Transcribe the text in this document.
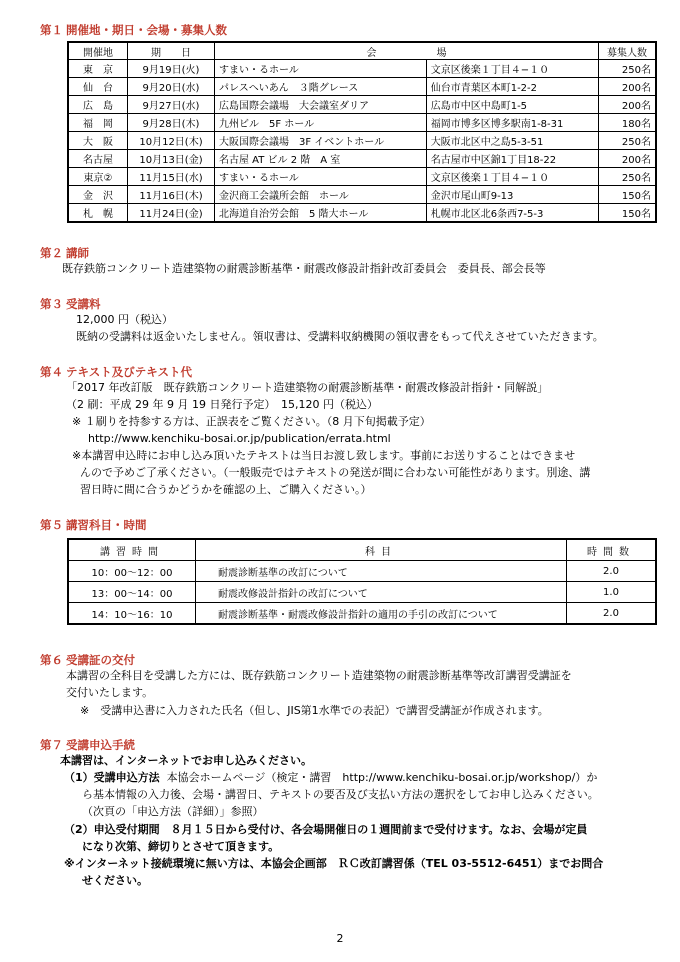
第１ 開催地・期日・会場・募集人数
開催地	期　　日	会　　　　　　場		募集人数
東　京	9月19日(火)	すまい・るホール	文京区後楽１丁目４−１０	250名
仙　台	9月20日(水)	パレスへいあん　３階グレース	仙台市青葉区本町1-2-2	200名
広　島	9月27日(水)	広島国際会議場　大会議室ダリア	広島市中区中島町1-5	200名
福　岡	9月28日(木)	九州ビル　5F ホール	福岡市博多区博多駅南1-8-31	180名
大　阪	10月12日(木)	大阪国際会議場　3F イベントホール	大阪市北区中之島5-3-51	250名
名古屋	10月13日(金)	名古屋 AT ビル 2 階　A 室	名古屋市中区錦1丁目18-22	200名
東京②	11月15日(水)	すまい・るホール	文京区後楽１丁目４−１０	250名
金　沢	11月16日(木)	金沢商工会議所会館　ホール	金沢市尾山町9-13	150名
札　幌	11月24日(金)	北海道自治労会館　5 階大ホール	札幌市北区北6条西7-5-3	150名
第２ 講師
既存鉄筋コンクリート造建築物の耐震診断基準・耐震改修設計指針改訂委員会　委員長、部会長等
第３ 受講料
12,000 円（税込）
既納の受講料は返金いたしません。領収書は、受講料収納機関の領収書をもって代えさせていただきます。
第４ テキスト及びテキスト代
「2017 年改訂版　既存鉄筋コンクリート造建築物の耐震診断基準・耐震改修設計指針・同解説」
（2 刷：平成 29 年 9 月 19 日発行予定）　15,120 円（税込）
※ １刷りを持参する方は、正誤表をご覧ください。（8 月下旬掲載予定）
http://www.kenchiku-bosai.or.jp/publication/errata.html
※本講習申込時にお申し込み頂いたテキストは当日お渡し致します。事前にお送りすることはできませ
んので予めご了承ください。（一般販売ではテキストの発送が間に合わない可能性があります。別途、講
習日時に間に合うかどうかを確認の上、ご購入ください。）
第５ 講習科目・時間
講習時間	科目	時間数
10：00〜12：00	耐震診断基準の改訂について	2.0
13：00〜14：00	耐震改修設計指針の改訂について	1.0
14：10〜16：10	耐震診断基準・耐震改修設計指針の適用の手引の改訂について	2.0
第６ 受講証の交付
本講習の全科目を受講した方には、既存鉄筋コンクリート造建築物の耐震診断基準等改訂講習受講証を
交付いたします。
※　受講申込書に入力された氏名（但し、JIS第1水準での表記）で講習受講証が作成されます。
第７ 受講申込手続
本講習は、インターネットでお申し込みください。
（1）受講申込方法 本協会ホームページ（検定・講習　http://www.kenchiku-bosai.or.jp/workshop/）か
ら基本情報の入力後、会場・講習日、テキストの要否及び支払い方法の選択をしてお申し込みください。
（次頁の「申込方法（詳細）」参照）
（2）申込受付期間　８月１５日から受付け、各会場開催日の１週間前まで受付けます。なお、会場が定員
になり次第、締切りとさせて頂きます。
※インターネット接続環境に無い方は、本協会企画部　ＲＣ改訂講習係（TEL 03-5512-6451）までお問合
せください。
2
